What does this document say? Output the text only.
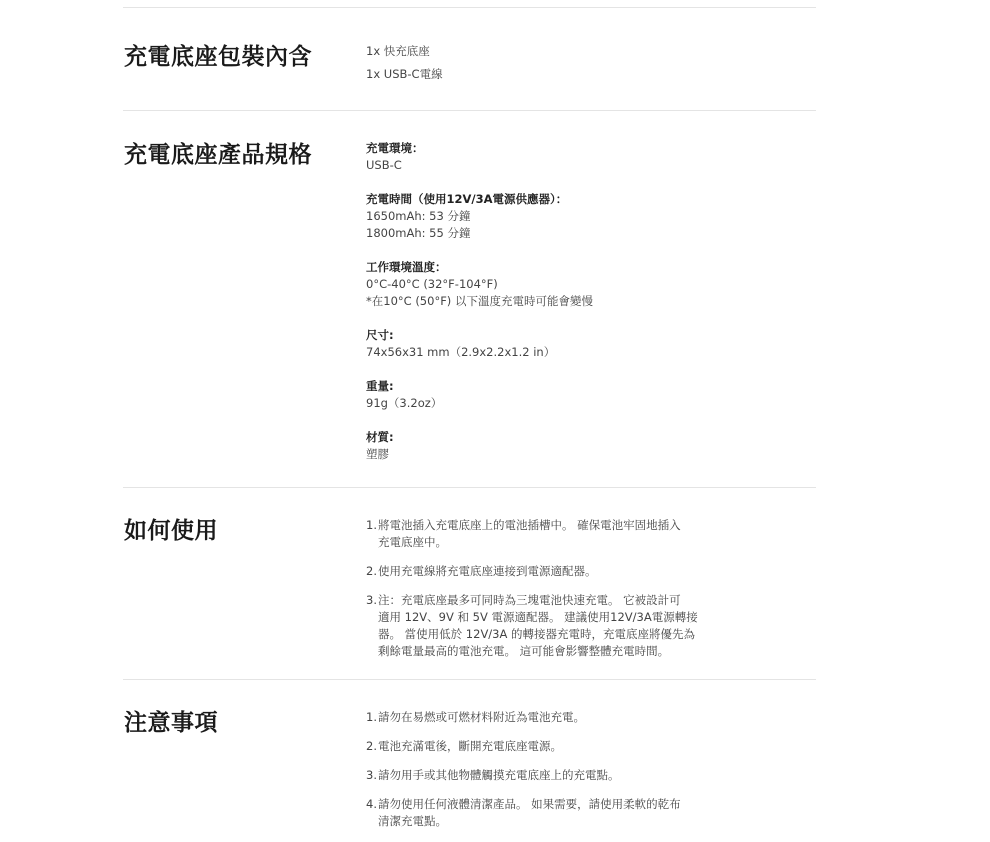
充電底座包裝內含	1x 快充底座
1x USB-C電線
充電底座產品規格	充電環境：
USB-C
充電時間（使用12V/3A電源供應器）：
1650mAh: 53 分鐘
1800mAh: 55 分鐘
工作環境溫度：
0°C-40°C (32°F-104°F)
*在10°C (50°F) 以下溫度充電時可能會變慢
尺寸:
74x56x31 mm（2.9x2.2x1.2 in）
重量:
91g（3.2oz）
材質:
塑膠
如何使用	1. 將電池插入充電底座上的電池插槽中。 確保電池牢固地插入
充電底座中。
2. 使用充電線將充電底座連接到電源適配器。
3. 注：充電底座最多可同時為三塊電池快速充電。 它被設計可
適用 12V、9V 和 5V 電源適配器。 建議使用12V/3A電源轉接
器。 當使用低於 12V/3A 的轉接器充電時，充電底座將優先為
剩餘電量最高的電池充電。 這可能會影響整體充電時間。
注意事項	1. 請勿在易燃或可燃材料附近為電池充電。
2. 電池充滿電後，斷開充電底座電源。
3. 請勿用手或其他物體觸摸充電底座上的充電點。
4. 請勿使用任何液體清潔產品。 如果需要，請使用柔軟的乾布
清潔充電點。
